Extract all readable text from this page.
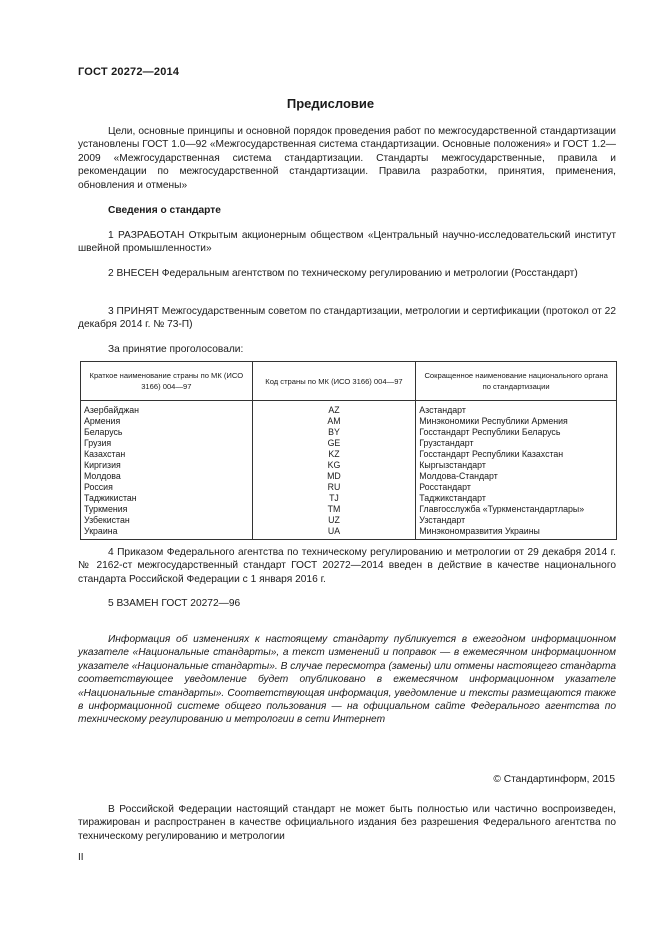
ГОСТ 20272—2014
Предисловие
Цели, основные принципы и основной порядок проведения работ по межгосударственной стандартизации установлены ГОСТ 1.0—92 «Межгосударственная система стандартизации. Основные положения» и ГОСТ 1.2—2009 «Межгосударственная система стандартизации. Стандарты межгосударственные, правила и рекомендации по межгосударственной стандартизации. Правила разработки, принятия, применения, обновления и отмены»
Сведения о стандарте
1 РАЗРАБОТАН Открытым акционерным обществом «Центральный научно-исследовательский институт швейной промышленности»
2 ВНЕСЕН Федеральным агентством по техническому регулированию и метрологии (Росстандарт)
3 ПРИНЯТ Межгосударственным советом по стандартизации, метрологии и сертификации (протокол от 22 декабря 2014 г. № 73-П)
За принятие проголосовали:
Краткое наименование страны по МК (ИСО 3166) 004—97	Код страны по МК (ИСО 3166) 004—97	Сокращенное наименование национального органа по стандартизации
Азербайджан	AZ	Азстандарт
Армения	AM	Минэкономики Республики Армения
Беларусь	BY	Госстандарт Республики Беларусь
Грузия	GE	Грузстандарт
Казахстан	KZ	Госстандарт Республики Казахстан
Киргизия	KG	Кыргызстандарт
Молдова	MD	Молдова-Стандарт
Россия	RU	Росстандарт
Таджикистан	TJ	Таджикстандарт
Туркмения	TM	Главгосслужба «Туркменстандартлары»
Узбекистан	UZ	Узстандарт
Украина	UA	Минэкономразвития Украины
4 Приказом Федерального агентства по техническому регулированию и метрологии от 29 декабря 2014 г. № 2162-ст межгосударственный стандарт ГОСТ 20272—2014 введен в действие в качестве национального стандарта Российской Федерации с 1 января 2016 г.
5 ВЗАМЕН ГОСТ 20272—96
Информация об изменениях к настоящему стандарту публикуется в ежегодном информационном указателе «Национальные стандарты», а текст изменений и поправок — в ежемесячном информационном указателе «Национальные стандарты». В случае пересмотра (замены) или отмены настоящего стандарта соответствующее уведомление будет опубликовано в ежемесячном информационном указателе «Национальные стандарты». Соответствующая информация, уведомление и тексты размещаются также в информационной системе общего пользования — на официальном сайте Федерального агентства по техническому регулированию и метрологии в сети Интернет
© Стандартинформ, 2015
В Российской Федерации настоящий стандарт не может быть полностью или частично воспроизведен, тиражирован и распространен в качестве официального издания без разрешения Федерального агентства по техническому регулированию и метрологии
II
